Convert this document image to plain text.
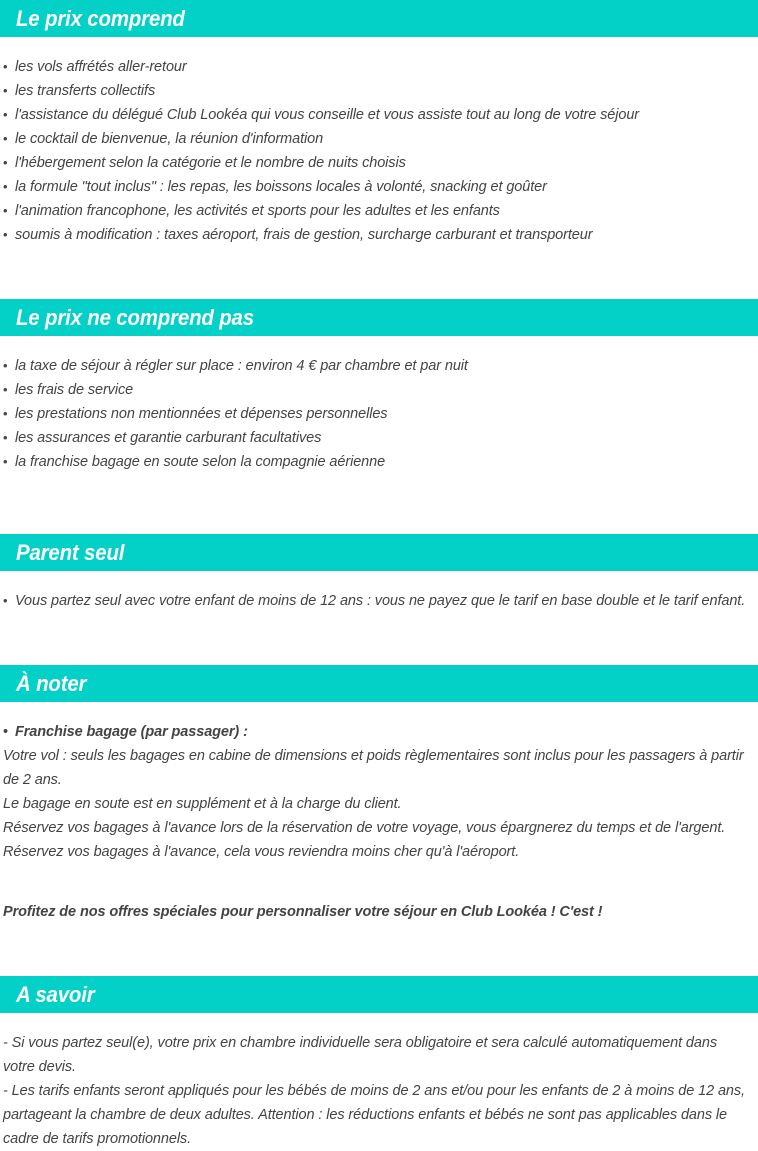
Le prix comprend
• les vols affrétés aller-retour
• les transferts collectifs
• l'assistance du délégué Club Lookéa qui vous conseille et vous assiste tout au long de votre séjour
• le cocktail de bienvenue, la réunion d'information
• l'hébergement selon la catégorie et le nombre de nuits choisis
• la formule "tout inclus" : les repas, les boissons locales à volonté, snacking et goûter
• l'animation francophone, les activités et sports pour les adultes et les enfants
• soumis à modification : taxes aéroport, frais de gestion, surcharge carburant et transporteur
Le prix ne comprend pas
• la taxe de séjour à régler sur place : environ 4 € par chambre et par nuit
• les frais de service
• les prestations non mentionnées et dépenses personnelles
• les assurances et garantie carburant facultatives
• la franchise bagage en soute selon la compagnie aérienne
Parent seul
• Vous partez seul avec votre enfant de moins de 12 ans : vous ne payez que le tarif en base double et le tarif enfant.
À noter

• Franchise bagage (par passager) :

Votre vol : seuls les bagages en cabine de dimensions et poids règlementaires sont inclus pour les passagers à partir de 2 ans.

Le bagage en soute est en supplément et à la charge du client.

Réservez vos bagages à l'avance lors de la réservation de votre voyage, vous épargnerez du temps et de l'argent.

Réservez vos bagages à l'avance, cela vous reviendra moins cher qu'à l'aéroport.

Profitez de nos offres spéciales pour personnaliser votre séjour en Club Lookéa ! C'est !

A savoir

- Si vous partez seul(e), votre prix en chambre individuelle sera obligatoire et sera calculé automatiquement dans votre devis.

- Les tarifs enfants seront appliqués pour les bébés de moins de 2 ans et/ou pour les enfants de 2 à moins de 12 ans, partageant la chambre de deux adultes. Attention : les réductions enfants et bébés ne sont pas applicables dans le cadre de tarifs promotionnels.
